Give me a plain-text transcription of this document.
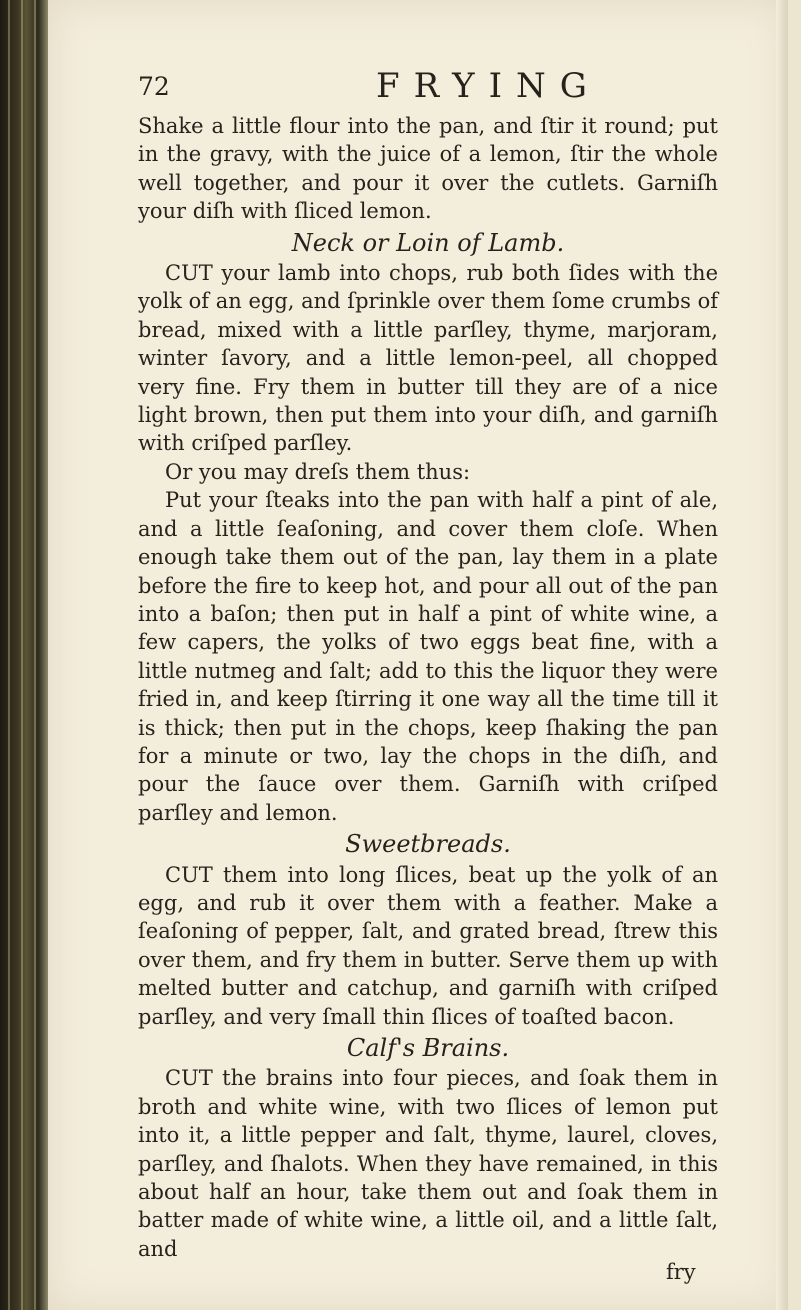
72	FRYING

Shake a little flour into the pan, and ſtir it round; put in the gravy, with the juice of a lemon, ſtir the whole well together, and pour it over the cutlets. Garniſh your diſh with ſliced lemon.

Neck or Loin of Lamb.

CUT your lamb into chops, rub both ſides with the yolk of an egg, and ſprinkle over them ſome crumbs of bread, mixed with a little parſley, thyme, marjoram, winter ſavory, and a little lemon-peel, all chopped very fine. Fry them in butter till they are of a nice light brown, then put them into your diſh, and garniſh with criſped parſley.

Or you may dreſs them thus:

Put your ſteaks into the pan with half a pint of ale, and a little ſeaſoning, and cover them cloſe. When enough take them out of the pan, lay them in a plate before the fire to keep hot, and pour all out of the pan into a baſon; then put in half a pint of white wine, a few capers, the yolks of two eggs beat fine, with a little nutmeg and ſalt; add to this the liquor they were fried in, and keep ſtirring it one way all the time till it is thick; then put in the chops, keep ſhaking the pan for a minute or two, lay the chops in the diſh, and pour the ſauce over them. Garniſh with criſped parſley and lemon.

Sweetbreads.

CUT them into long ſlices, beat up the yolk of an egg, and rub it over them with a feather. Make a ſeaſoning of pepper, ſalt, and grated bread, ſtrew this over them, and fry them in butter. Serve them up with melted butter and catchup, and garniſh with criſped parſley, and very ſmall thin ſlices of toaſted bacon.

Calf's Brains.

CUT the brains into four pieces, and ſoak them in broth and white wine, with two ſlices of lemon put into it, a little pepper and ſalt, thyme, laurel, cloves, parſley, and ſhalots. When they have remained, in this about half an hour, take them out and ſoak them in batter made of white wine, a little oil, and a little ſalt, and

fry
